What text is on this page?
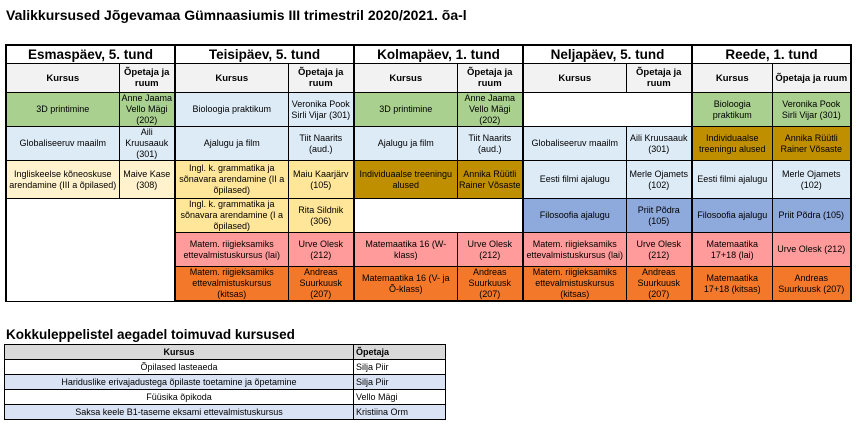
Valikkursused Jõgevamaa Gümnaasiumis III trimestril 2020/2021. õa-l
Esmaspäev, 5. tund		Teisipäev, 5. tund		Kolmapäev, 1. tund		Neljapäev, 5. tund		Reede, 1. tund	
Kursus	Õpetaja ja ruum	Kursus	Õpetaja ja ruum	Kursus	Õpetaja ja ruum	Kursus	Õpetaja ja ruum	Kursus	Õpetaja ja ruum
3D printimine	Anne Jaama Vello Mägi (202)	Bioloogia praktikum	Veronika Pook Sirli Vijar (301)	3D printimine	Anne Jaama Vello Mägi (202)			Bioloogia praktikum	Veronika Pook Sirli Vijar (301)
Globaliseeruv maailm	Aili Kruusaauk (301)	Ajalugu ja film	Tiit Naarits (aud.)	Ajalugu ja film	Tiit Naarits (aud.)	Globaliseeruv maailm	Aili Kruusaauk (301)	Individuaalse treeningu alused	Annika Rüütli Rainer Võsaste
Ingliskeelse kõneoskuse arendamine (III a õpilased)	Maive Kase (308)	Ingl. k. grammatika ja sõnavara arendamine (II a õpilased)	Maiu Kaarjärv (105)	Individuaalse treeningu alused	Annika Rüütli Rainer Võsaste	Eesti filmi ajalugu	Merle Ojamets (102)	Eesti filmi ajalugu	Merle Ojamets (102)
		Ingl. k. grammatika ja sõnavara arendamine (I a õpilased)	Rita Sildnik (306)			Filosoofia ajalugu	Priit Põdra (105)	Filosoofia ajalugu	Priit Põdra (105)
		Matem. riigieksamiks ettevalmistuskursus (lai)	Urve Olesk (212)	Matemaatika 16 (W-klass)	Urve Olesk (212)	Matem. riigieksamiks ettevalmistuskursus (lai)	Urve Olesk (212)	Matemaatika 17+18 (lai)	Urve Olesk (212)
		Matem. riigieksamiks ettevalmistuskursus (kitsas)	Andreas Suurkuusk (207)	Matemaatika 16 (V- ja Õ-klass)	Andreas Suurkuusk (207)	Matem. riigieksamiks ettevalmistuskursus (kitsas)	Andreas Suurkuusk (207)	Matemaatika 17+18 (kitsas)	Andreas Suurkuusk (207)
Kokkuleppelistel aegadel toimuvad kursused
Kursus	Õpetaja
Õpilased lasteaeda	Silja Piir
Hariduslike erivajadustega õpilaste toetamine ja õpetamine	Silja Piir
Füüsika õpikoda	Vello Mägi
Saksa keele B1-taseme eksami ettevalmistuskursus	Kristiina Orm
